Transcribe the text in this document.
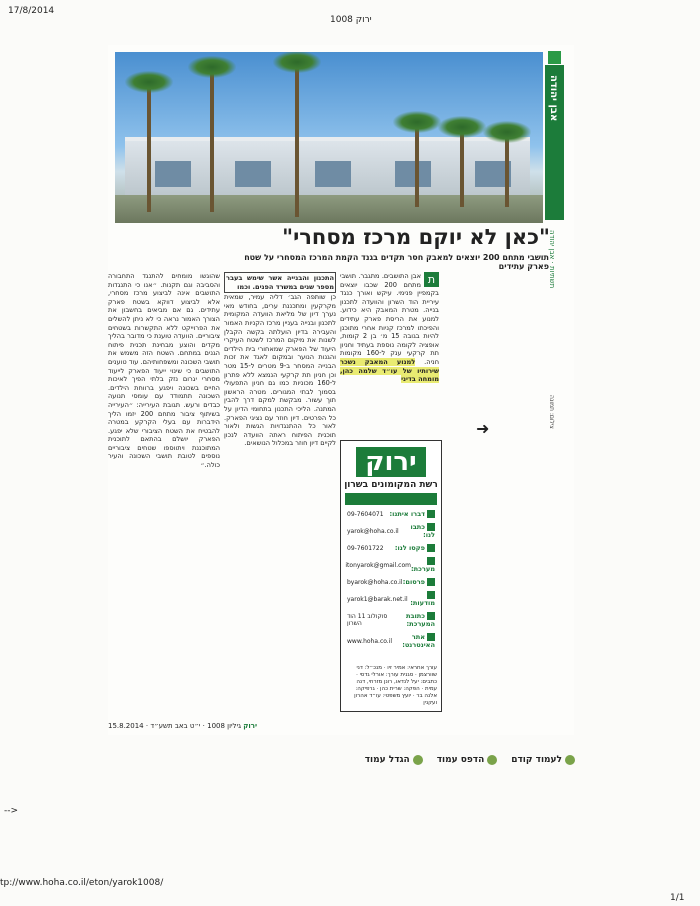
17/8/2014
ירוק 1008
אבן יהודה
תשתיות · אבן יהודה
צילום: תמונה
"כאן לא יוקם מרכז מסחרי"
תושבי מתחם 200 יוצאים למאבק חסר תקדים בגנד הקמת המרכז המסחרי על שטח פארק עתידים
ת
אבן התושבים. מתגבר. תושבי מתחם 200 שכבו יוצאים בקמפיין פנימי. עיקש ואורך כנגד עיריית הוד השרון והוועדה לתכנון בנייה. מטרת המאבק היא כידוע. למנוע את הריסת פארק עתידים והפיכתו למרכז קניות אחרי מתוכנן להיות בגובה 15 מ׳ בן 2 קומות, אופציה לקומה נוספת בעתיד וחניון תת קרקעי ענק ל-160 מקומות חניה. למנוע המאבק נשכר שירותיו של עו״ד שלמה כהן, מומחה בדיני
התכנון והבנייה אשר שימש בעבר מספר שנים במשרד הפנים. וכמו
כן שותפה הגב׳ דליה עמיר, שמאית מקרקעין ומתכננת ערים, בחודש מאי נערך דיון של מליאת הוועדה המקומית לתכנון ובנייה בעניין מרכז הקניות האמור והעבירה בדיון הועלתה בקשה הקבלן לשנות את מיקום המרכז לשטח העיקרי היעוד של הפארק שמאחורי בית הילדים והגנות הנוער ובמקום לאגד את זכות הבנייה המסחר ב-9 מטרים ל-15 מטר וכן חניון תת קרקעי הנמצא ללא פתרון ל-160 מכוניות כמו גם חניון התפעולי בסמוך לבתי המגורים. מטרה הראשון תוך עשור. מבקשת למקם דרך להבין המתנה. הליכי התכנון בתחומי הדיון על כל הפרטים. דיון חוזר עם נציגי הפארק. לאור כל ההתנגדויות הגשות ולאור תוכנית הפיתוח ראתה הוועדה לנכון לקיים דיון חוזר במכלול הנושאים.
שהוגשו מומחים להתנגד התחבורה והסביבה וגם תקנות. ״אנו כי התנגדות התושבים אינה לביצוע מרכז מסחרי, אלא לביצוע דווקא בשטח פארק עתידים. גם אם מביאים בחשבון את הצורך האמור נראה כי לא ניתן להשלים את הפרוייקט ללא התקשרות בשטחים ציבוריים. הוועדה טוענת כי מדובר בהליך מקדים והוצע מבחינת תכנית פיתוח הגנים במתחם. השטח הזה משמש את תושבי השכונה ומשפחותיהם. עוד טוענים התושבים כי שינוי ייעוד הפארק לייעוד מסחרי יגרום נזק בלתי הפיך לאיכות החיים בשכונה ויפגע ברווחת הילדים. השכונה תתמודד עם עומסי תנועה כבדים ורעש. תגובת העירייה: ״העירייה בשיתוף ציבור מתחם 200 יזמו הליך הידברות עם בעלי הקרקע במטרה להבטיח את השטח הציבורי שלא יפגע. הפארק יושלם בהתאם לתוכנית המתוכננת ויתווספו שטחים ציבוריים נוספים לטובת תושבי השכונה והעיר כולה.״
➜
ירוק
רשת המקומונים בשרון
דברו איתנו:
09-7604071
כתבו לנו:
yarok@hoha.co.il
פקסו לנו:
09-7601722
מערכת:
itonyarok@gmail.com
פרסום:
byarok@hoha.co.il
מודעות:
yarok1@barak.net.il
כתובת המערכת:
סוקולוב 11 הוד השרון
אתר האינטרנט:
www.hoha.co.il
עורך אחראי: אמיר זיו · מנכ״ל: דני שוורצמן · סגנית עורך: אורלי גדסי · כתבים: יעל לנדאו, רונן מזרחי, דנה עמית · הפקה: שרית כהן · גרפיקה: אלנה בר · יועץ משפטי: עו״ד אהרון ועקנין
ירוק גיליון 1008 · י״ט באב תשע״ד · 15.8.2014
לעמוד קודם
הדפס עמוד
הגדל עמוד
-->
tp://www.hoha.co.il/eton/yarok1008/
1/1
